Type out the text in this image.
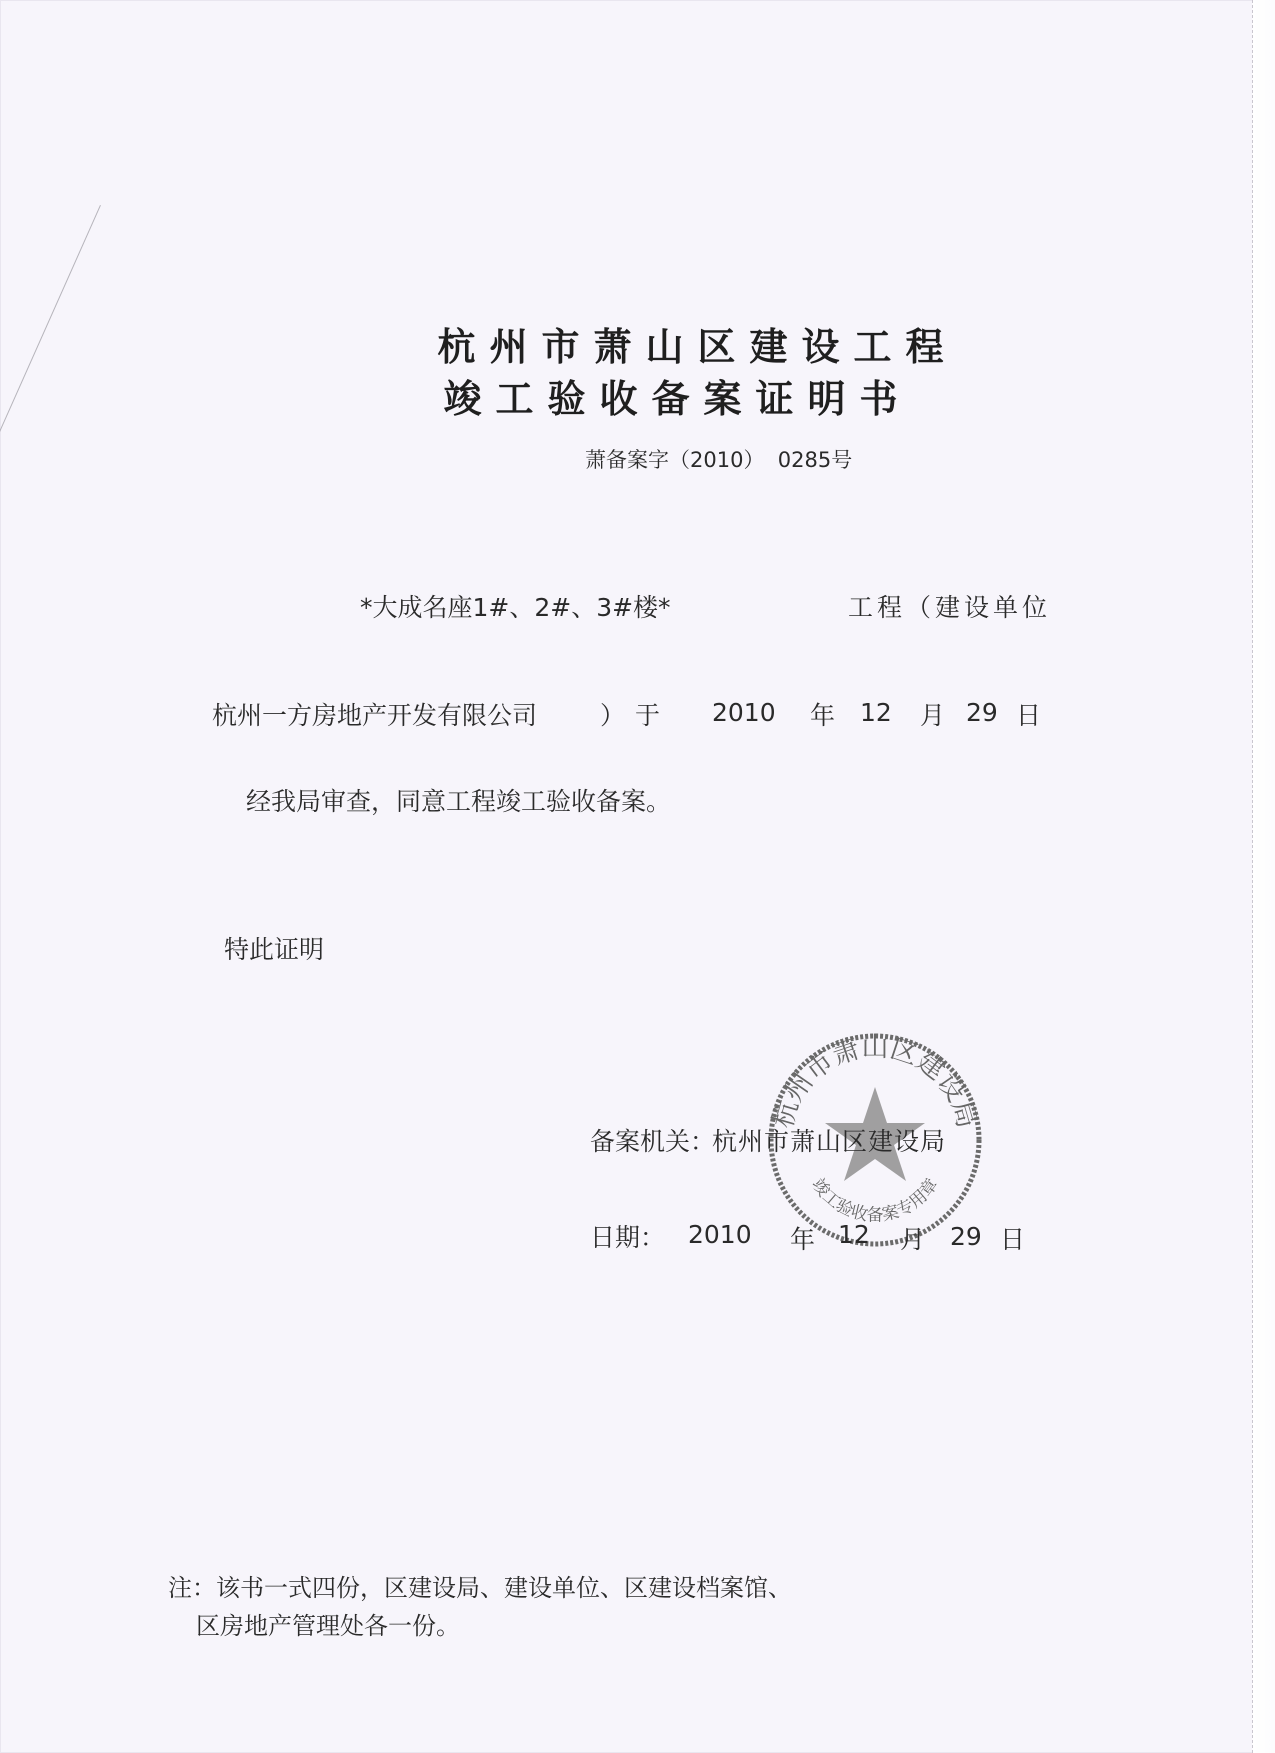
杭州市萧山区建设工程
竣工验收备案证明书
萧备案字（2010）  0285号
*大成名座1#、2#、3#楼*	工程（建设单位
杭州一方房地产开发有限公司	）于 2010 年 12 月 29 日
经我局审查，同意工程竣工验收备案。
特此证明
杭州市萧山区建设局
竣工验收备案专用章
备案机关：
杭州市萧山区建设局
日期： 2010 年 12 月 29 日
注：该书一式四份，区建设局、建设单位、区建设档案馆、
区房地产管理处各一份。
